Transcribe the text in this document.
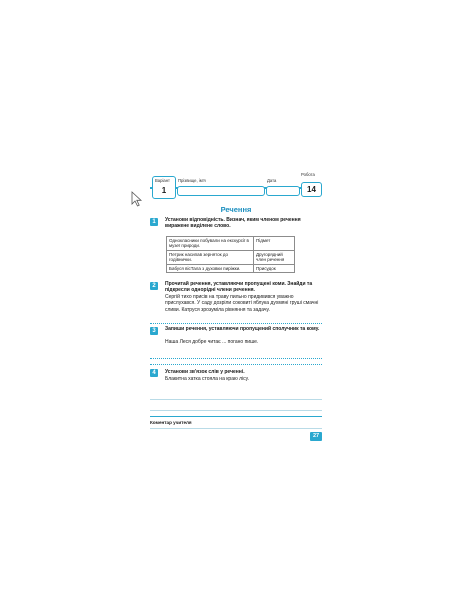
Варіант
1
Прізвище, ім'я	Дата
Робота
14
Речення
1	Установи відповідність. Визнач, яким членом речення виражене виділене слово.
Однокласники побували на екскурсії в музеї природи.	Підмет
Петрик насипав зерняток до годівнички.	Другорядний член речення
Бабуся вісТала з духовки пиріжки.	Присудок
2	Прочитай речення, уставляючи пропущені коми. Знайди та підкресли однорідні члени речення.
Сергій тихо присів на траву пильно придивився уважно прислухався. У саду дозріли соковиті яблука духмяні груші смачні сливи. Катруся зрозуміла рівняння та задачу.
3	Запиши речення, уставляючи пропущений сполучник та кому.
Наша Леся добре читає ... погано пише.
4	Установи зв'язок слів у реченні.
Блакитна хатка стояла на краю лісу.
Коментар учителя
27
